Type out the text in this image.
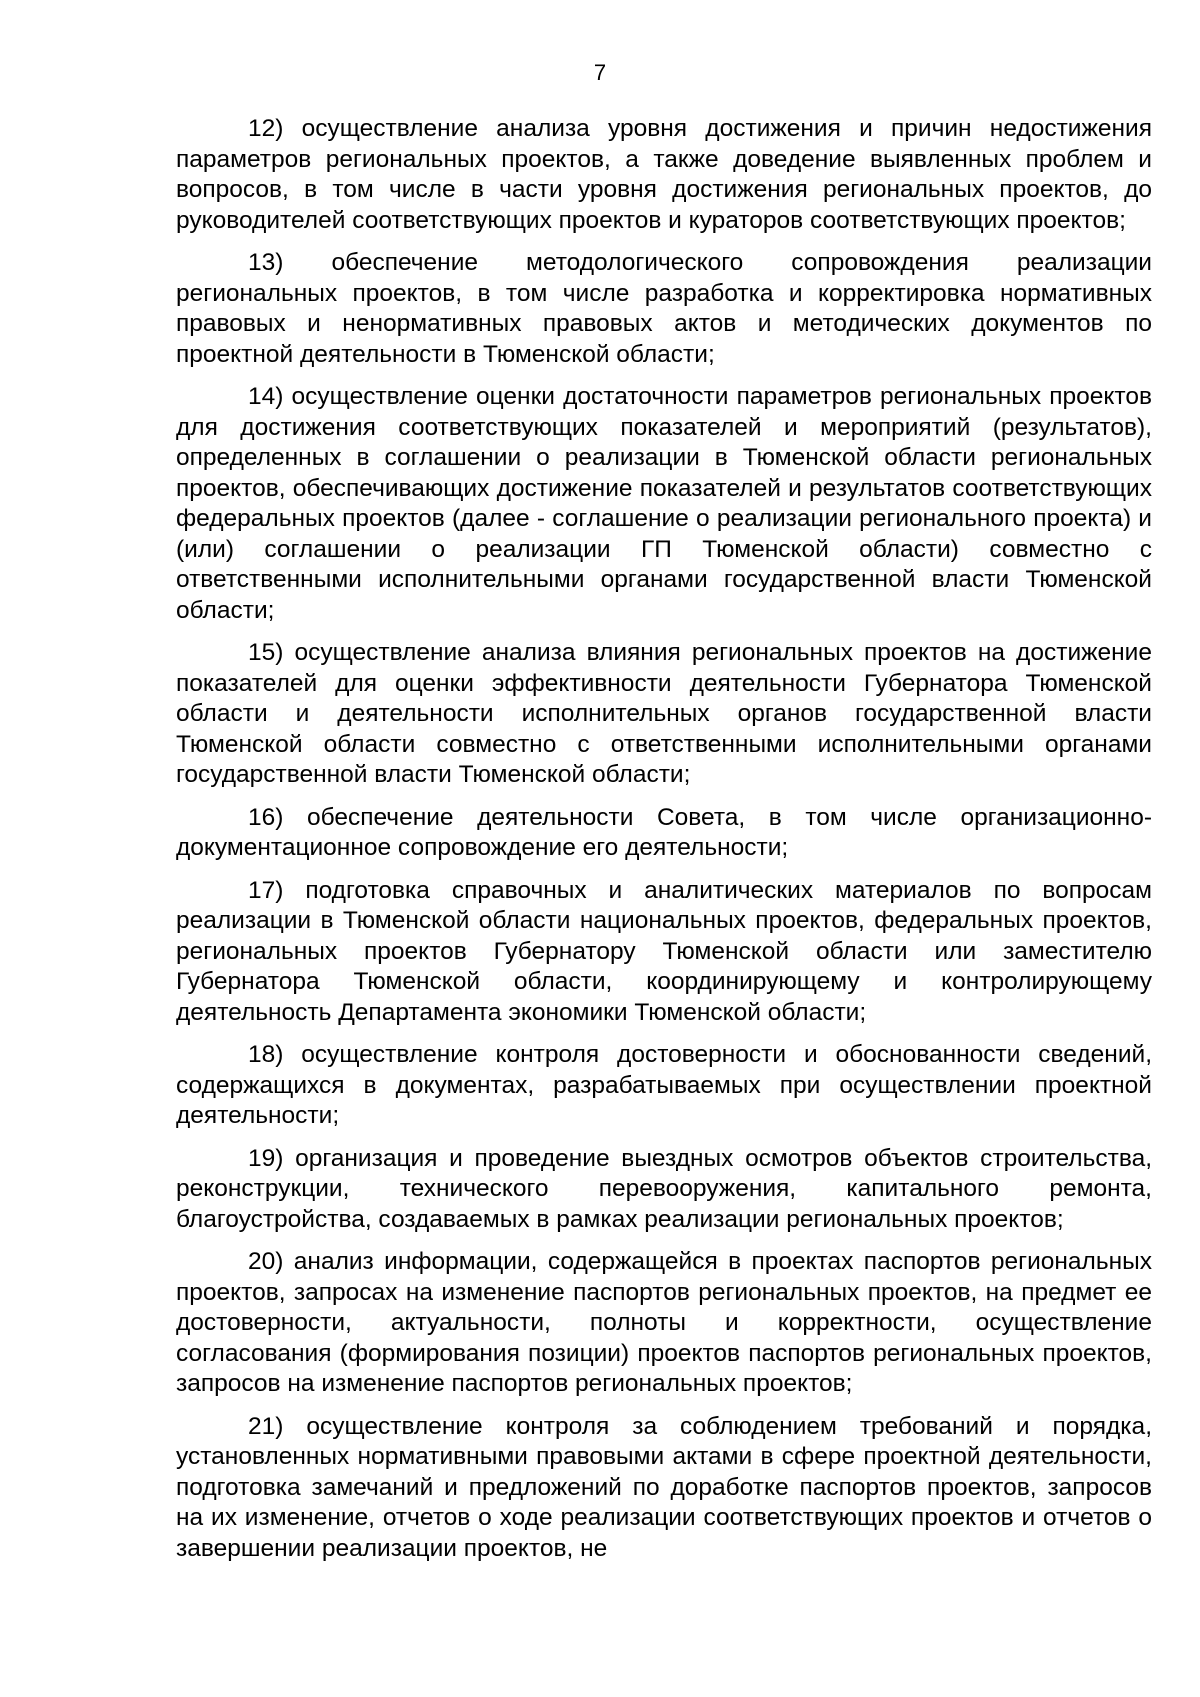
7

12) осуществление анализа уровня достижения и причин недостижения параметров региональных проектов, а также доведение выявленных проблем и вопросов, в том числе в части уровня достижения региональных проектов, до руководителей соответствующих проектов и кураторов соответствующих проектов;

13) обеспечение методологического сопровождения реализации региональных проектов, в том числе разработка и корректировка нормативных правовых и ненормативных правовых актов и методических документов по проектной деятельности в Тюменской области;

14) осуществление оценки достаточности параметров региональных проектов для достижения соответствующих показателей и мероприятий (результатов), определенных в соглашении о реализации в Тюменской области региональных проектов, обеспечивающих достижение показателей и результатов соответствующих федеральных проектов (далее - соглашение о реализации регионального проекта) и (или) соглашении о реализации ГП Тюменской области) совместно с ответственными исполнительными органами государственной власти Тюменской области;

15) осуществление анализа влияния региональных проектов на достижение показателей для оценки эффективности деятельности Губернатора Тюменской области и деятельности исполнительных органов государственной власти Тюменской области совместно с ответственными исполнительными органами государственной власти Тюменской области;

16) обеспечение деятельности Совета, в том числе организационно-документационное сопровождение его деятельности;

17) подготовка справочных и аналитических материалов по вопросам реализации в Тюменской области национальных проектов, федеральных проектов, региональных проектов Губернатору Тюменской области или заместителю Губернатора Тюменской области, координирующему и контролирующему деятельность Департамента экономики Тюменской области;

18) осуществление контроля достоверности и обоснованности сведений, содержащихся в документах, разрабатываемых при осуществлении проектной деятельности;

19) организация и проведение выездных осмотров объектов строительства, реконструкции, технического перевооружения, капитального ремонта, благоустройства, создаваемых в рамках реализации региональных проектов;

20) анализ информации, содержащейся в проектах паспортов региональных проектов, запросах на изменение паспортов региональных проектов, на предмет ее достоверности, актуальности, полноты и корректности, осуществление согласования (формирования позиции) проектов паспортов региональных проектов, запросов на изменение паспортов региональных проектов;

21) осуществление контроля за соблюдением требований и порядка, установленных нормативными правовыми актами в сфере проектной деятельности, подготовка замечаний и предложений по доработке паспортов проектов, запросов на их изменение, отчетов о ходе реализации соответствующих проектов и отчетов о завершении реализации проектов, не
